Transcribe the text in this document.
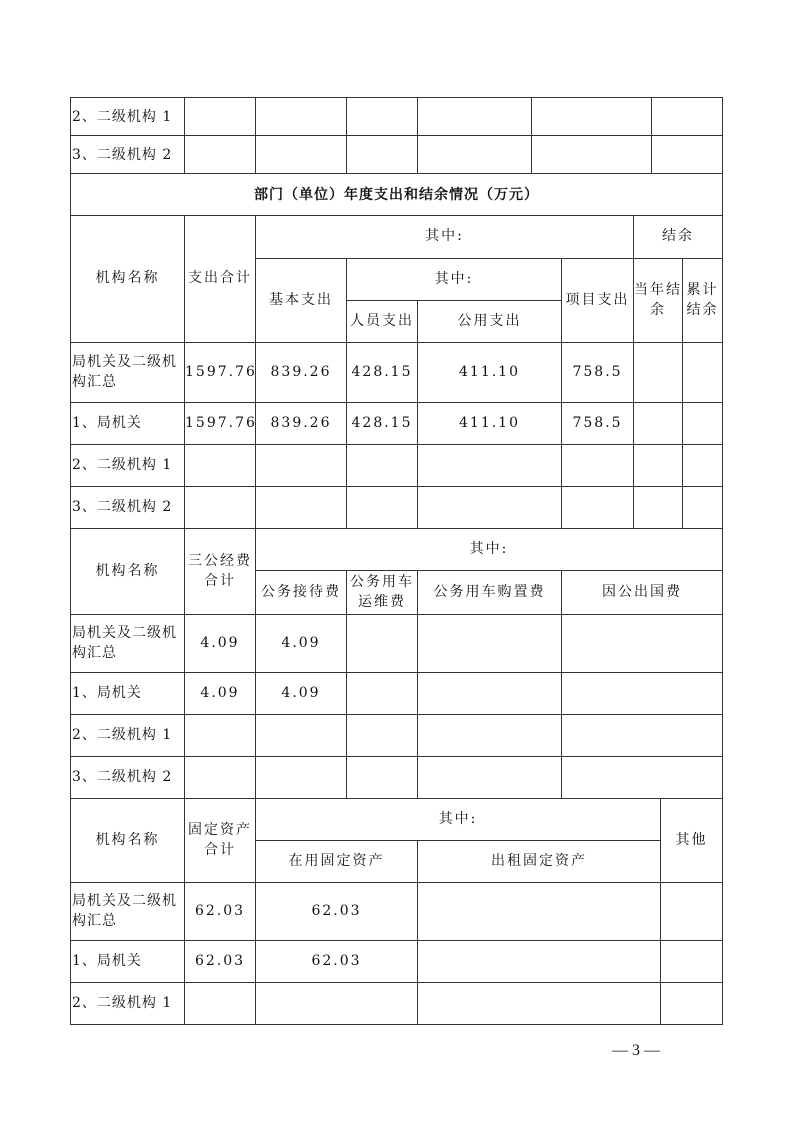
2、二级机构 1						
3、二级机构 2						
部门（单位）年度支出和结余情况（万元）						
机构名称	支出合计	其中:				结余	
		基本支出	其中:		项目支出	当年结余	累计结余
			人员支出	公用支出			
局机关及二级机构汇总	1597.76	839.26	428.15	411.10	758.5		
1、局机关	1597.76	839.26	428.15	411.10	758.5		
2、二级机构 1							
3、二级机构 2							
机构名称	三公经费合计	其中:			
		公务接待费	公务用车运维费	公务用车购置费	因公出国费
局机关及二级机构汇总	4.09	4.09			
1、局机关	4.09	4.09			
2、二级机构 1					
3、二级机构 2					
机构名称	固定资产合计	其中:		其他
		在用固定资产	出租固定资产	
局机关及二级机构汇总	62.03	62.03		
1、局机关	62.03	62.03		
2、二级机构 1				
— 3 —
